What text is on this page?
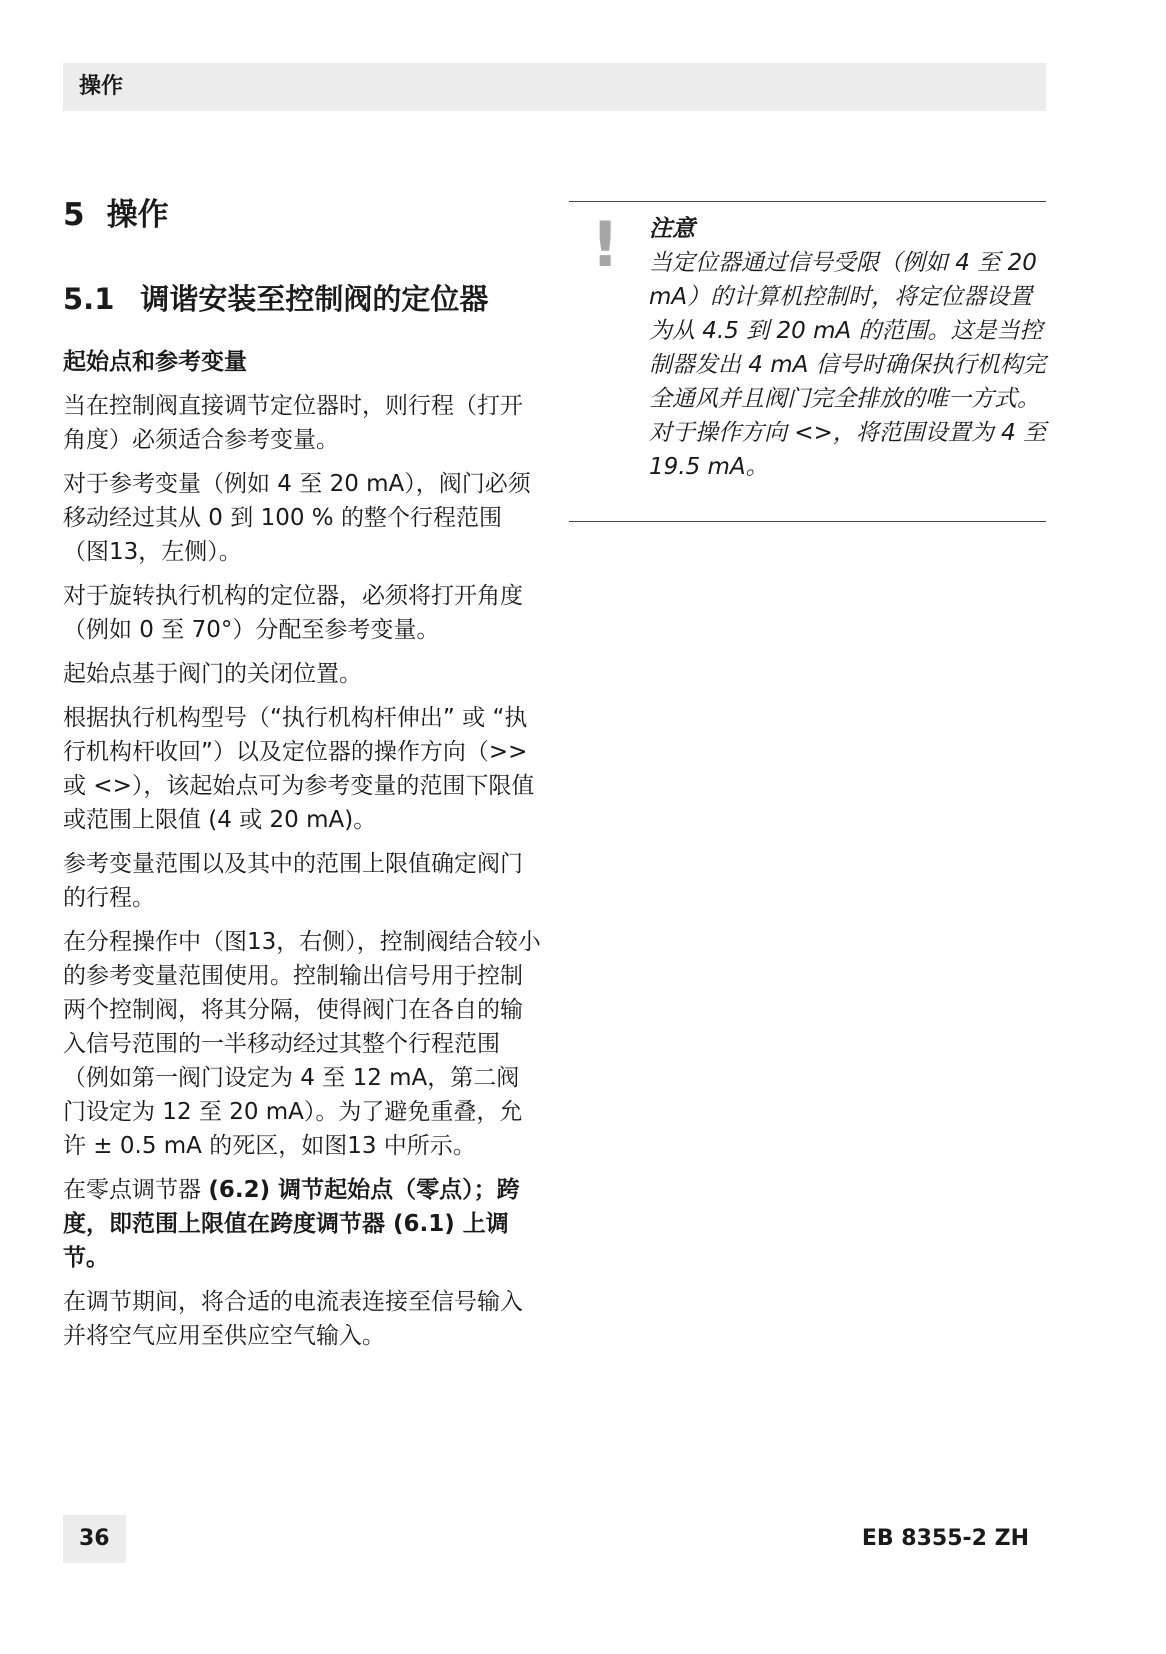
操作
5 操作
5.1 调谐安装至控制阀的定位器

起始点和参考变量

当在控制阀直接调节定位器时，则行程（打开角度）必须适合参考变量。

对于参考变量（例如 4 至 20 mA），阀门必须移动经过其从 0 到 100 % 的整个行程范围（图13，左侧）。

对于旋转执行机构的定位器，必须将打开角度（例如 0 至 70°）分配至参考变量。

起始点基于阀门的关闭位置。

根据执行机构型号（“执行机构杆伸出” 或 “执行机构杆收回”）以及定位器的操作方向（>> 或 <>），该起始点可为参考变量的范围下限值或范围上限值 (4 或 20 mA)。

参考变量范围以及其中的范围上限值确定阀门的行程。

在分程操作中（图13，右侧），控制阀结合较小的参考变量范围使用。控制输出信号用于控制两个控制阀，将其分隔，使得阀门在各自的输入信号范围的一半移动经过其整个行程范围（例如第一阀门设定为 4 至 12 mA，第二阀门设定为 12 至 20 mA）。为了避免重叠，允许 ± 0.5 mA 的死区，如图13 中所示。

在零点调节器 (6.2) 调节起始点（零点）；跨度，即范围上限值在跨度调节器 (6.1) 上调节。

在调节期间，将合适的电流表连接至信号输入并将空气应用至供应空气输入。

! 注意
当定位器通过信号受限（例如 4 至 20 mA）的计算机控制时，将定位器设置为从 4.5 到 20 mA 的范围。这是当控制器发出 4 mA 信号时确保执行机构完全通风并且阀门完全排放的唯一方式。
对于操作方向 <>，将范围设置为 4 至 19.5 mA。
36	EB 8355-2 ZH
